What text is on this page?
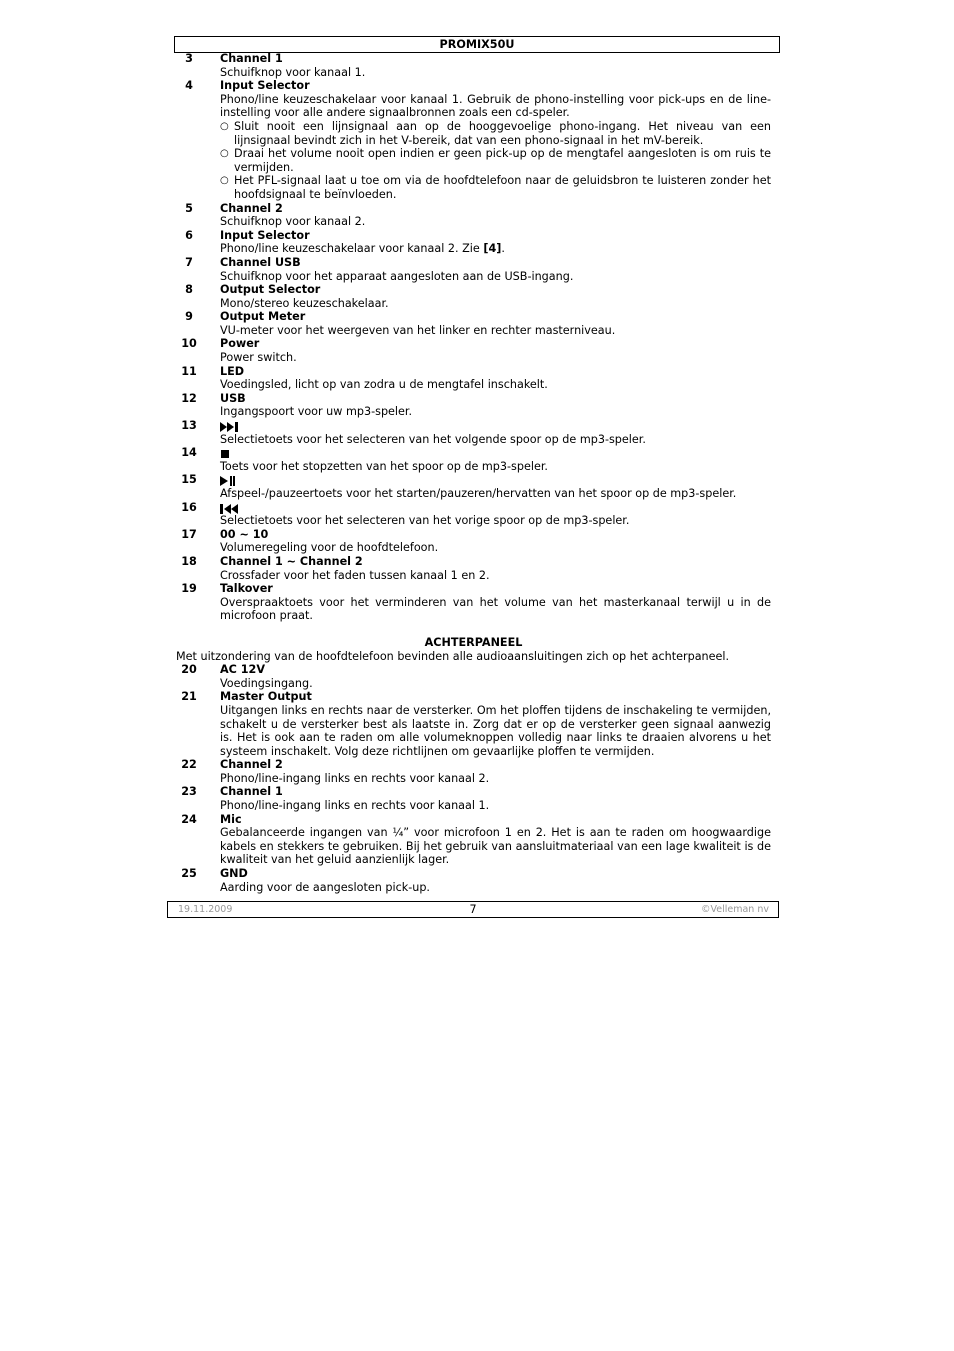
PROMIX50U
3	Channel 1
Schuifknop voor kanaal 1.
4	Input Selector
Phono/line keuzeschakelaar voor kanaal 1. Gebruik de phono-instelling voor pick-ups en de line-instelling voor alle andere signaalbronnen zoals een cd-speler.
○ Sluit nooit een lijnsignaal aan op de hooggevoelige phono-ingang. Het niveau van een lijnsignaal bevindt zich in het V-bereik, dat van een phono-signaal in het mV-bereik.
○ Draai het volume nooit open indien er geen pick-up op de mengtafel aangesloten is om ruis te vermijden.
○ Het PFL-signaal laat u toe om via de hoofdtelefoon naar de geluidsbron te luisteren zonder het hoofdsignaal te beïnvloeden.
5	Channel 2
Schuifknop voor kanaal 2.
6	Input Selector
Phono/line keuzeschakelaar voor kanaal 2. Zie [4].
7	Channel USB
Schuifknop voor het apparaat aangesloten aan de USB-ingang.
8	Output Selector
Mono/stereo keuzeschakelaar.
9	Output Meter
VU-meter voor het weergeven van het linker en rechter masterniveau.
10	Power
Power switch.
11	LED
Voedingsled, licht op van zodra u de mengtafel inschakelt.
12	USB
Ingangspoort voor uw mp3-speler.
13
Selectietoets voor het selecteren van het volgende spoor op de mp3-speler.
14
Toets voor het stopzetten van het spoor op de mp3-speler.
15
Afspeel-/pauzeertoets voor het starten/pauzeren/hervatten van het spoor op de mp3-speler.
16
Selectietoets voor het selecteren van het vorige spoor op de mp3-speler.
17	00 ~ 10
Volumeregeling voor de hoofdtelefoon.
18	Channel 1 ~ Channel 2
Crossfader voor het faden tussen kanaal 1 en 2.
19	Talkover
Overspraaktoets voor het verminderen van het volume van het masterkanaal terwijl u in de microfoon praat.
ACHTERPANEEL
Met uitzondering van de hoofdtelefoon bevinden alle audioaansluitingen zich op het achterpaneel.
20	AC 12V
Voedingsingang.
21	Master Output
Uitgangen links en rechts naar de versterker. Om het ploffen tijdens de inschakeling te vermijden, schakelt u de versterker best als laatste in. Zorg dat er op de versterker geen signaal aanwezig is. Het is ook aan te raden om alle volumeknoppen volledig naar links te draaien alvorens u het systeem inschakelt. Volg deze richtlijnen om gevaarlijke ploffen te vermijden.
22	Channel 2
Phono/line-ingang links en rechts voor kanaal 2.
23	Channel 1
Phono/line-ingang links en rechts voor kanaal 1.
24	Mic
Gebalanceerde ingangen van ¼” voor microfoon 1 en 2. Het is aan te raden om hoogwaardige kabels en stekkers te gebruiken. Bij het gebruik van aansluitmateriaal van een lage kwaliteit is de kwaliteit van het geluid aanzienlijk lager.
25	GND
Aarding voor de aangesloten pick-up.
19.11.2009	7	©Velleman nv
